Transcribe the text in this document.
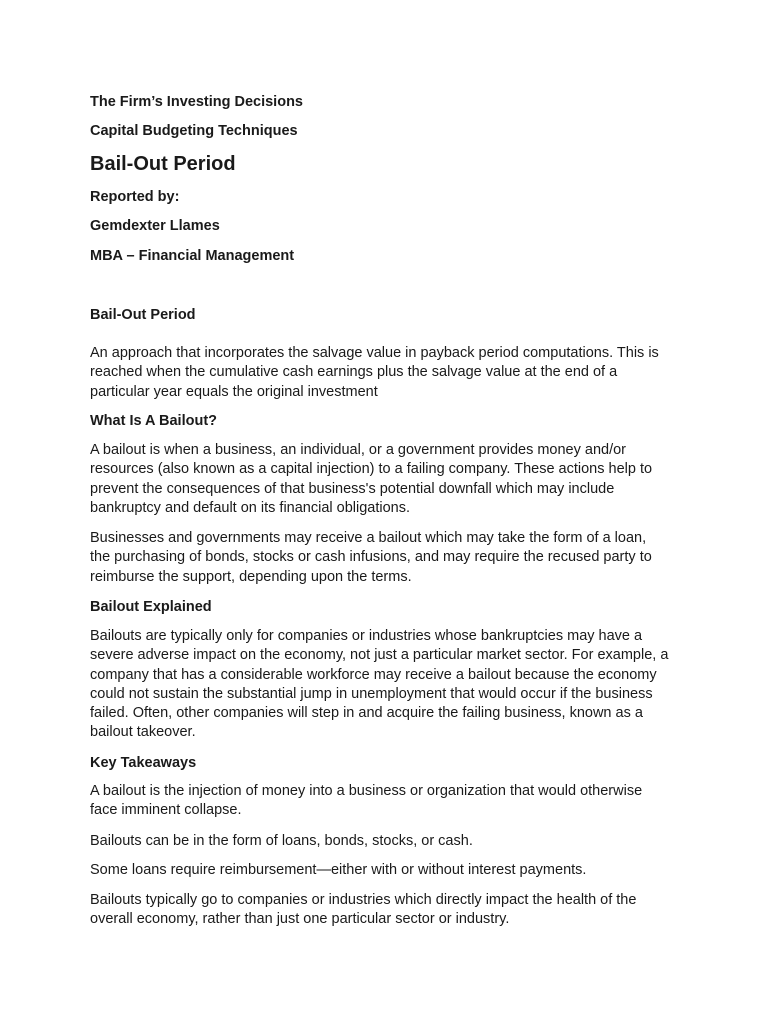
The Firm’s Investing Decisions

Capital Budgeting Techniques

Bail-Out Period

Reported by:

Gemdexter Llames

MBA – Financial Management

Bail-Out Period

An approach that incorporates the salvage value in payback period computations. This is reached when the cumulative cash earnings plus the salvage value at the end of a particular year equals the original investment

What Is A Bailout?

A bailout is when a business, an individual, or a government provides money and/or resources (also known as a capital injection) to a failing company. These actions help to prevent the consequences of that business's potential downfall which may include bankruptcy and default on its financial obligations.

Businesses and governments may receive a bailout which may take the form of a loan, the purchasing of bonds, stocks or cash infusions, and may require the recused party to reimburse the support, depending upon the terms.

Bailout Explained

Bailouts are typically only for companies or industries whose bankruptcies may have a severe adverse impact on the economy, not just a particular market sector. For example, a company that has a considerable workforce may receive a bailout because the economy could not sustain the substantial jump in unemployment that would occur if the business failed. Often, other companies will step in and acquire the failing business, known as a bailout takeover.

Key Takeaways

A bailout is the injection of money into a business or organization that would otherwise face imminent collapse.

Bailouts can be in the form of loans, bonds, stocks, or cash.

Some loans require reimbursement—either with or without interest payments.

Bailouts typically go to companies or industries which directly impact the health of the overall economy, rather than just one particular sector or industry.
